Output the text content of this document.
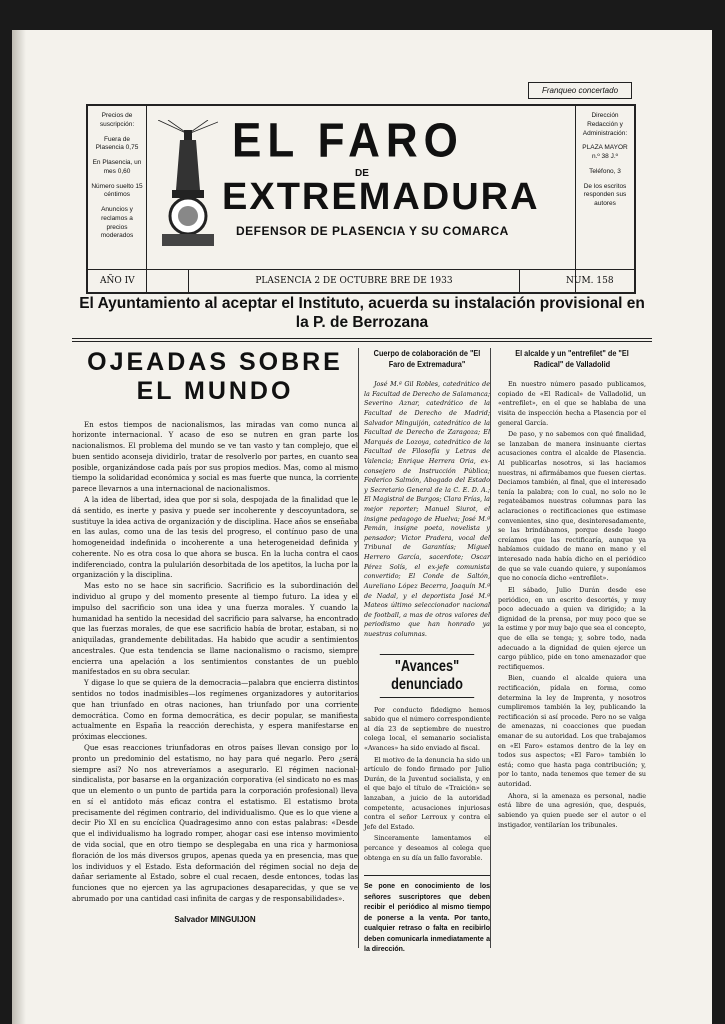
Franqueo concertado

Precios de suscripción:

Fuera de Plasencia 0,75

En Plasencia, un mes 0,60

Número suelto 15 céntimos

Anuncios y reclamos a precios moderados

EL FARO
DE
EXTREMADURA
DEFENSOR DE PLASENCIA Y SU COMARCA

Dirección Redacción y Administración:

PLAZA MAYOR n.º 38 J.º

Teléfono, 3

De los escritos responden sus autores

AÑO IV	PLASENCIA 2 DE OCTUBRE BRE DE 1933	NUM. 158
El Ayuntamiento al aceptar el Instituto, acuerda su instalación provisional en la P. de Berrozana
OJEADAS SOBRE EL MUNDO

En estos tiempos de nacionalismos, las miradas van como nunca al horizonte internacional. Y acaso de eso se nutren en gran parte los nacionalismos. El problema del mundo se ve tan vasto y tan complejo, que el buen sentido aconseja dividirlo, tratar de resolverlo por partes, en cuanto sea posible, organizándose cada país por sus propios medios. Mas, como al mismo tiempo la solidaridad económica y social es mas fuerte que nunca, la corriente parece llevarnos a una internacional de nacionalismos.

A la idea de libertad, idea que por si sola, despojada de la finalidad que le dá sentido, es inerte y pasiva y puede ser incoherente y descoyuntadora, se sustituye la idea activa de organización y de disciplina. Hace años se enseñaba en las aulas, como una de las tesis del progreso, el contínuo paso de una homogeneidad indefinida o incoherente a una heterogeneidad definida y coherente. No es otra cosa lo que ahora se busca. En la lucha contra el caos indiferenciado, contra la pulularión desorbitada de los apetitos, la lucha por la organización y la disciplina.

Mas esto no se hace sin sacrificio. Sacrificio es la subordinación del individuo al grupo y del momento presente al tiempo futuro. La idea y el impulso del sacrificio son una idea y una fuerza morales. Y cuando la humanidad ha sentido la necesidad del sacrificio para salvarse, ha encontrado que las fuerzas morales, de que ese sacrificio había de brotar, estaban, si no aniquiladas, grandemente debilitadas. Ha habido que acudir a sentimientos ancestrales. Que esta tendencia se llame nacionalismo o racismo, siempre encierra una apelación a los sentimientos constantes de un pueblo manifestados en su obra secular.

Y digase lo que se quiera de la democracia—palabra que encierra distintos sentidos no todos inadmisibles—los regímenes organizadores y autoritarios que han triunfado en otras naciones, han triunfado por una corriente democrática. Como en forma democrática, es decir popular, se manifiesta actualmente en España la reacción derechista, y espera manifestarse en próximas elecciones.

Que esas reacciones triunfadoras en otros países llevan consigo por lo pronto un predominio del estatismo, no hay para qué negarlo. Pero ¿será siempre así? No nos atreveríamos a asegurarlo. El régimen nacional-sindicalista, por basarse en la organización corporativa (el sindicato no es mas que un elemento o un punto de partida para la corporación profesional) lleva en sí el antídoto más eficaz contra el estatismo. El estatismo brota precisamente del régimen contrario, del individualismo. Que es lo que viene a decir Pio XI en su encíclica Quadragesimo anno con estas palabras: «Desde que el individualismo ha logrado romper, ahogar casi ese intenso movimiento de vida social, que en otro tiempo se desplegaba en una rica y harmoniosa floración de los más diversos grupos, apenas queda ya en presencia, mas que los individuos y el Estado. Esta deformación del régimen social no deja de dañar seriamente al Estado, sobre el cual recaen, desde entonces, todas las funciones que no ejercen ya las agrupaciones desaparecidas, y que se ve abrumado por una cantidad casi infinita de cargas y de responsabilidades».

Salvador MINGUIJON
Cuerpo de colaboración de "El Faro de Extremadura"

José M.ª Gil Robles, catedrático de la Facultad de Derecho de Salamanca; Severino Aznar, catedrático de la Facultad de Derecho de Madrid; Salvador Minguijón, catedrático de la Facultad de Derecho de Zaragoza; El Marqués de Lozoya, catedrático de la Facultad de Filosofía y Letras de Valencia; Enrique Herrera Oria, ex-consejero de Instrucción Pública; Federico Salmón, Abogado del Estado y Secretario General de la C. E. D. A.; El Magistral de Burgos; Clara Frías, la mejor reporter; Manuel Siurot, el insigne pedagogo de Huelva; José M.ª Pemán, insigne poeta, novelista y pensador; Victor Pradera, vocal del Tribunal de Garantías; Miguel Herrero García, sacerdote; Oscar Pérez Solís, el ex-jefe comunista convertido; El Conde de Saltón, Aureliano López Becerra, Joaquín M.ª de Nadal, y el deportista José M.ª Mateos último seleccionador nacional de football, a mas de otros valores del periodismo que han honrado ya nuestras columnas.

"Avances" denunciado

Por conducto fidedigno hemos sabido que el número correspondiente al día 23 de septiembre de nuestro colega local, el semanario socialista «Avances» ha sido enviado al fiscal.

El motivo de la denuncia ha sido un artículo de fondo firmado por Julio Durán, de la Juventud socialista, y en el que bajo el título de «Traición» se lanzaban, a juicio de la autoridad competente, acusaciones injuriosas contra el señor Lerroux y contra el Jefe del Estado.

Sinceramente lamentamos el percance y deseamos al colega que obtenga en su día un fallo favorable.

Se pone en conocimiento de los señores suscriptores que deben recibir el periódico al mismo tiempo de ponerse a la venta. Por tanto, cualquier retraso o falta en recibirlo deben comunicarla inmediatamente a la dirección.
El alcalde y un "entrefilet" de "El Radical" de Valladolid

En nuestro número pasado publicamos, copiado de «El Radical» de Valladolid, un «entrefilet», en el que se hablaba de una visita de inspección hecha a Plasencia por el general García.

De paso, y no sabemos con qué finalidad, se lanzaban de manera insinuante ciertas acusaciones contra el alcalde de Plasencia. Al publicarlas nosotros, si las haciamos nuestras, ni afirmábamos que fuesen ciertas. Deciamos también, al final, que el interesado tenía la palabra; con lo cual, no solo no le regateábamos nuestras columnas para las aclaraciones o rectificaciones que estimase convenientes, sino que, desinteresadamente, se las brindábamos, porque desde luego creíamos que las rectificaría, aunque ya habíamos cuidado de mano en mano y el interesado nada había dicho en el periódico de que se vale cuando quiere, y suponíamos que no conocía dicho «entrefilet».

El sábado, Julio Durán desde ese periódico, en un escrito descortés, y muy poco adecuado a quien va dirigido; a la dignidad de la prensa, por muy poco que se la estime y por muy bajo que sea el concepto, que de ella se tenga; y, sobre todo, nada adecuado a la dignidad de quien ejerce un cargo público, pide en tono amenazador que rectifiquemos.

Bien, cuando el alcalde quiera una rectificación, pídala en forma, como determina la ley de Imprenta, y nosotros cumpliremos también la ley, publicando la rectificación si así procede. Pero no se valga de amenazas, ni coacciones que puedan emanar de su autoridad. Los que trabajamos en «El Faro» estamos dentro de la ley en todos sus aspectos; «El Faro» también lo está; como que hasta paga contribución; y, por lo tanto, nada tenemos que temer de su autoridad.

Ahora, si la amenaza es personal, nadie está libre de una agresión, que, después, sabiendo ya quien puede ser el autor o el instigador, ventilarían los tribunales.
